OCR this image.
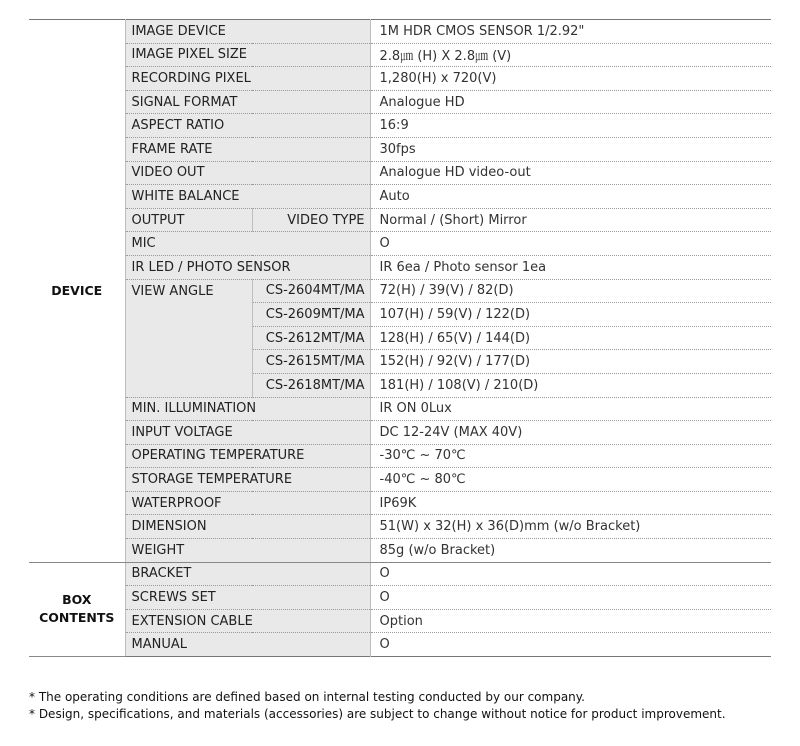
DEVICE	IMAGE DEVICE		1M HDR CMOS SENSOR 1/2.92"
	IMAGE PIXEL SIZE		2.8㎛ (H) X 2.8㎛ (V)
	RECORDING PIXEL		1,280(H) x 720(V)
	SIGNAL FORMAT		Analogue HD
	ASPECT RATIO		16:9
	FRAME RATE		30fps
	VIDEO OUT		Analogue HD video-out
	WHITE BALANCE		Auto
	OUTPUT	VIDEO TYPE	Normal / (Short) Mirror
	MIC		O
	IR LED / PHOTO SENSOR		IR 6ea / Photo sensor 1ea
	VIEW ANGLE	CS-2604MT/MA	72(H) / 39(V) / 82(D)
		CS-2609MT/MA	107(H) / 59(V) / 122(D)
		CS-2612MT/MA	128(H) / 65(V) / 144(D)
		CS-2615MT/MA	152(H) / 92(V) / 177(D)
		CS-2618MT/MA	181(H) / 108(V) / 210(D)
	MIN. ILLUMINATION		IR ON 0Lux
	INPUT VOLTAGE		DC 12-24V (MAX 40V)
	OPERATING TEMPERATURE		-30℃ ~ 70℃
	STORAGE TEMPERATURE		-40℃ ~ 80℃
	WATERPROOF		IP69K
	DIMENSION		51(W) x 32(H) x 36(D)mm (w/o Bracket)
	WEIGHT		85g (w/o Bracket)
BOX
CONTENTS	BRACKET		O
	SCREWS SET		O
	EXTENSION CABLE		Option
	MANUAL		O
* The operating conditions are defined based on internal testing conducted by our company.
* Design, specifications, and materials (accessories) are subject to change without notice for product improvement.
